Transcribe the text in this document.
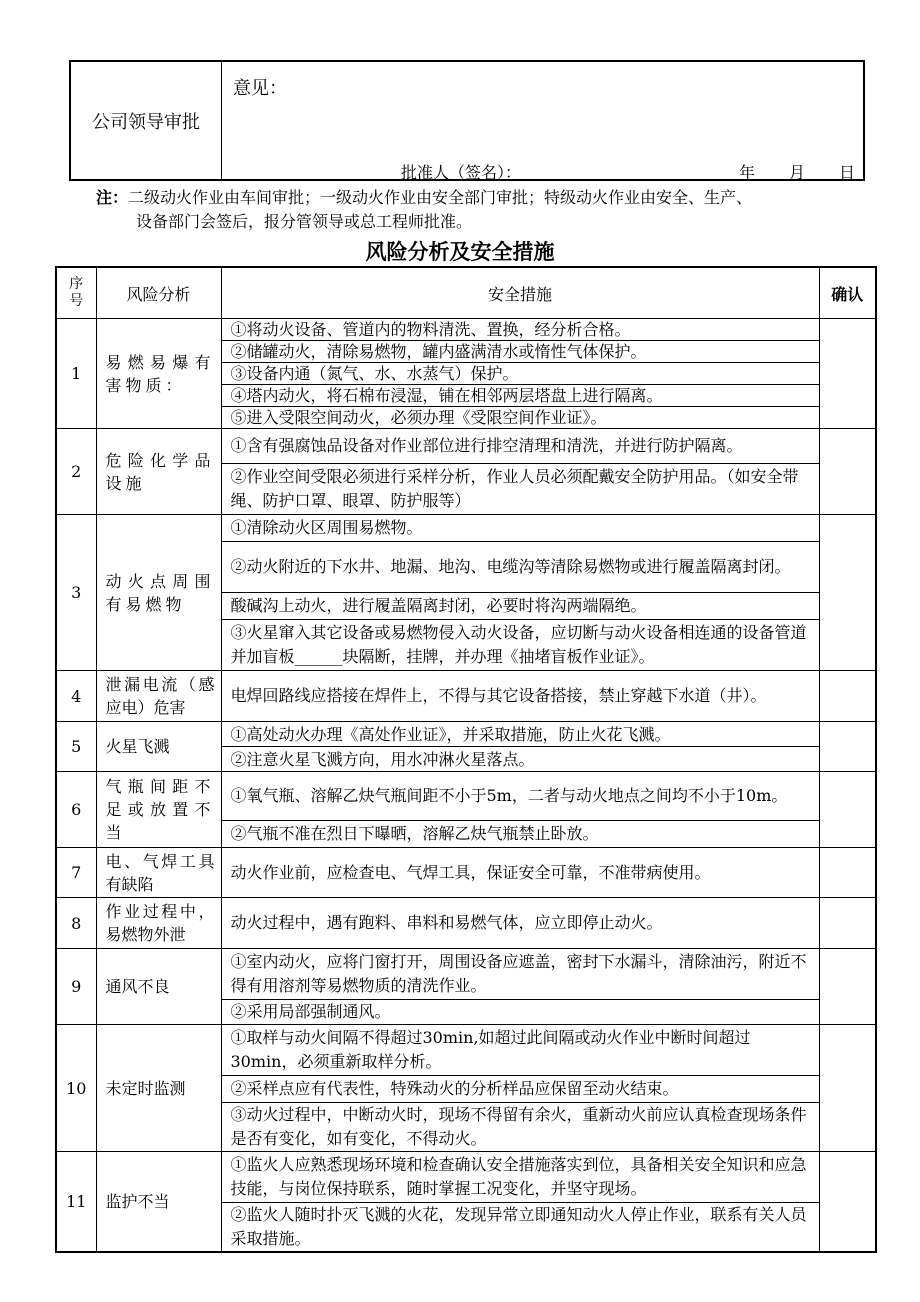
公司领导审批
意见：
批准人（签名）：	年 月 日
注：二级动火作业由车间审批；一级动火作业由安全部门审批；特级动火作业由安全、生产、
设备部门会签后，报分管领导或总工程师批准。
风险分析及安全措施
序
号	风险分析	安全措施	确认
1	易燃易爆有害物质：	①将动火设备、管道内的物料清洗、置换，经分析合格。	
		②储罐动火，清除易燃物，罐内盛满清水或惰性气体保护。	
		③设备内通（氮气、水、水蒸气）保护。	
		④塔内动火，将石棉布浸湿，铺在相邻两层塔盘上进行隔离。	
		⑤进入受限空间动火，必须办理《受限空间作业证》。	
2	危险化学品设施	①含有强腐蚀品设备对作业部位进行排空清理和清洗，并进行防护隔离。	
		②作业空间受限必须进行采样分析，作业人员必须配戴安全防护用品。（如安全带绳、防护口罩、眼罩、防护服等）	
3	动火点周围有易燃物	①清除动火区周围易燃物。	
		②动火附近的下水井、地漏、地沟、电缆沟等清除易燃物或进行履盖隔离封闭。	
		酸碱沟上动火，进行履盖隔离封闭，必要时将沟两端隔绝。	
		③火星窜入其它设备或易燃物侵入动火设备，应切断与动火设备相连通的设备管道并加盲板______块隔断，挂牌，并办理《抽堵盲板作业证》。	
4	泄漏电流（感应电）危害	电焊回路线应搭接在焊件上，不得与其它设备搭接，禁止穿越下水道（井）。	
5	火星飞溅	①高处动火办理《高处作业证》，并采取措施，防止火花飞溅。	
		②注意火星飞溅方向，用水冲淋火星落点。	
6	气瓶间距不足或放置不当	①氧气瓶、溶解乙炔气瓶间距不小于5m，二者与动火地点之间均不小于10m。	
		②气瓶不准在烈日下曝晒，溶解乙炔气瓶禁止卧放。	
7	电、气焊工具有缺陷	动火作业前，应检查电、气焊工具，保证安全可靠，不准带病使用。	
8	作业过程中，易燃物外泄	动火过程中，遇有跑料、串料和易燃气体，应立即停止动火。	
9	通风不良	①室内动火，应将门窗打开，周围设备应遮盖，密封下水漏斗，清除油污，附近不得有用溶剂等易燃物质的清洗作业。	
		②采用局部强制通风。	
10	未定时监测	①取样与动火间隔不得超过30min,如超过此间隔或动火作业中断时间超过30min，必须重新取样分析。	
		②采样点应有代表性，特殊动火的分析样品应保留至动火结束。	
		③动火过程中，中断动火时，现场不得留有余火，重新动火前应认真检查现场条件是否有变化，如有变化，不得动火。	
11	监护不当	①监火人应熟悉现场环境和检查确认安全措施落实到位，具备相关安全知识和应急技能，与岗位保持联系，随时掌握工况变化，并坚守现场。	
		②监火人随时扑灭飞溅的火花，发现异常立即通知动火人停止作业，联系有关人员采取措施。	
